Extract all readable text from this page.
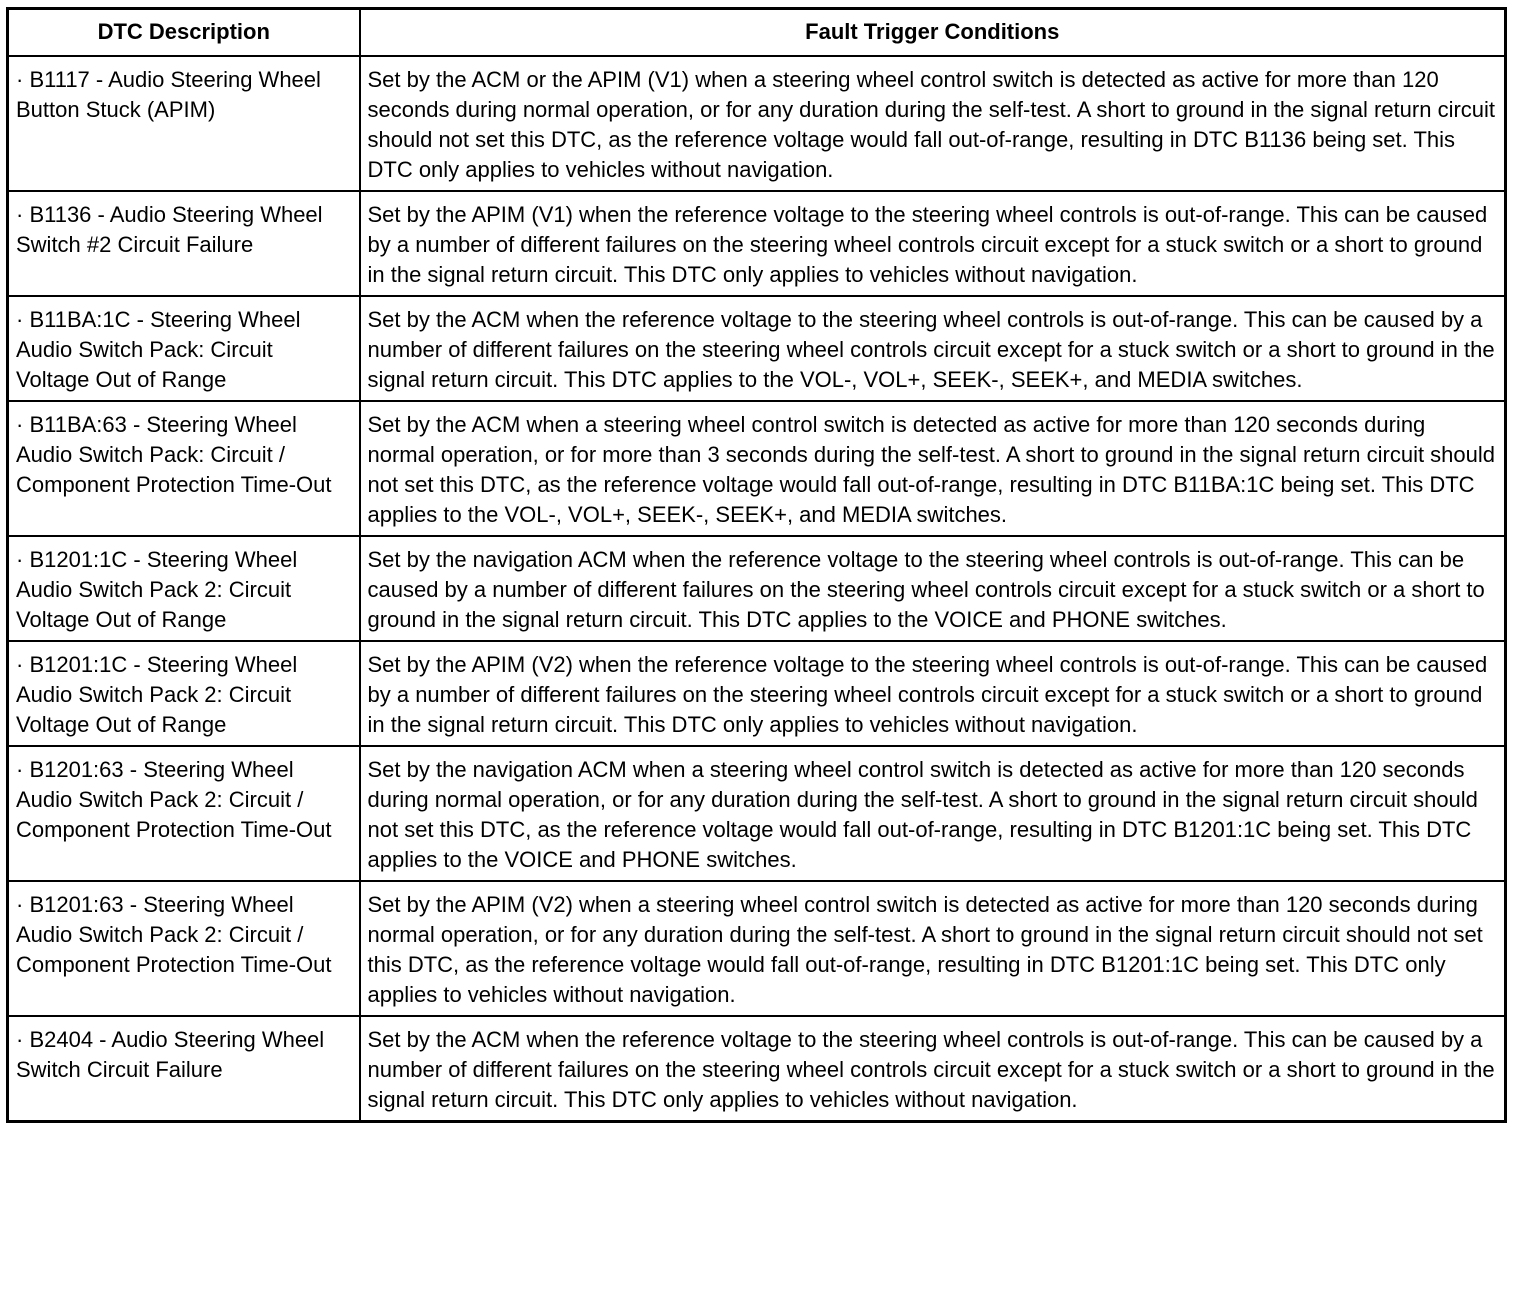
DTC Description	Fault Trigger Conditions
· B1117 - Audio Steering Wheel Button Stuck (APIM)	Set by the ACM or the APIM (V1) when a steering wheel control switch is detected as active for more than 120 seconds during normal operation, or for any duration during the self-test. A short to ground in the signal return circuit should not set this DTC, as the reference voltage would fall out-of-range, resulting in DTC B1136 being set. This DTC only applies to vehicles without navigation.
· B1136 - Audio Steering Wheel Switch #2 Circuit Failure	Set by the APIM (V1) when the reference voltage to the steering wheel controls is out-of-range. This can be caused by a number of different failures on the steering wheel controls circuit except for a stuck switch or a short to ground in the signal return circuit. This DTC only applies to vehicles without navigation.
· B11BA:1C - Steering Wheel Audio Switch Pack: Circuit Voltage Out of Range	Set by the ACM when the reference voltage to the steering wheel controls is out-of-range. This can be caused by a number of different failures on the steering wheel controls circuit except for a stuck switch or a short to ground in the signal return circuit. This DTC applies to the VOL-, VOL+, SEEK-, SEEK+, and MEDIA switches.
· B11BA:63 - Steering Wheel Audio Switch Pack: Circuit / Component Protection Time-Out	Set by the ACM when a steering wheel control switch is detected as active for more than 120 seconds during normal operation, or for more than 3 seconds during the self-test. A short to ground in the signal return circuit should not set this DTC, as the reference voltage would fall out-of-range, resulting in DTC B11BA:1C being set. This DTC applies to the VOL-, VOL+, SEEK-, SEEK+, and MEDIA switches.
· B1201:1C - Steering Wheel Audio Switch Pack 2: Circuit Voltage Out of Range	Set by the navigation ACM when the reference voltage to the steering wheel controls is out-of-range. This can be caused by a number of different failures on the steering wheel controls circuit except for a stuck switch or a short to ground in the signal return circuit. This DTC applies to the VOICE and PHONE switches.
· B1201:1C - Steering Wheel Audio Switch Pack 2: Circuit Voltage Out of Range	Set by the APIM (V2) when the reference voltage to the steering wheel controls is out-of-range. This can be caused by a number of different failures on the steering wheel controls circuit except for a stuck switch or a short to ground in the signal return circuit. This DTC only applies to vehicles without navigation.
· B1201:63 - Steering Wheel Audio Switch Pack 2: Circuit / Component Protection Time-Out	Set by the navigation ACM when a steering wheel control switch is detected as active for more than 120 seconds during normal operation, or for any duration during the self-test. A short to ground in the signal return circuit should not set this DTC, as the reference voltage would fall out-of-range, resulting in DTC B1201:1C being set. This DTC applies to the VOICE and PHONE switches.
· B1201:63 - Steering Wheel Audio Switch Pack 2: Circuit / Component Protection Time-Out	Set by the APIM (V2) when a steering wheel control switch is detected as active for more than 120 seconds during normal operation, or for any duration during the self-test. A short to ground in the signal return circuit should not set this DTC, as the reference voltage would fall out-of-range, resulting in DTC B1201:1C being set. This DTC only applies to vehicles without navigation.
· B2404 - Audio Steering Wheel Switch Circuit Failure	Set by the ACM when the reference voltage to the steering wheel controls is out-of-range. This can be caused by a number of different failures on the steering wheel controls circuit except for a stuck switch or a short to ground in the signal return circuit. This DTC only applies to vehicles without navigation.
